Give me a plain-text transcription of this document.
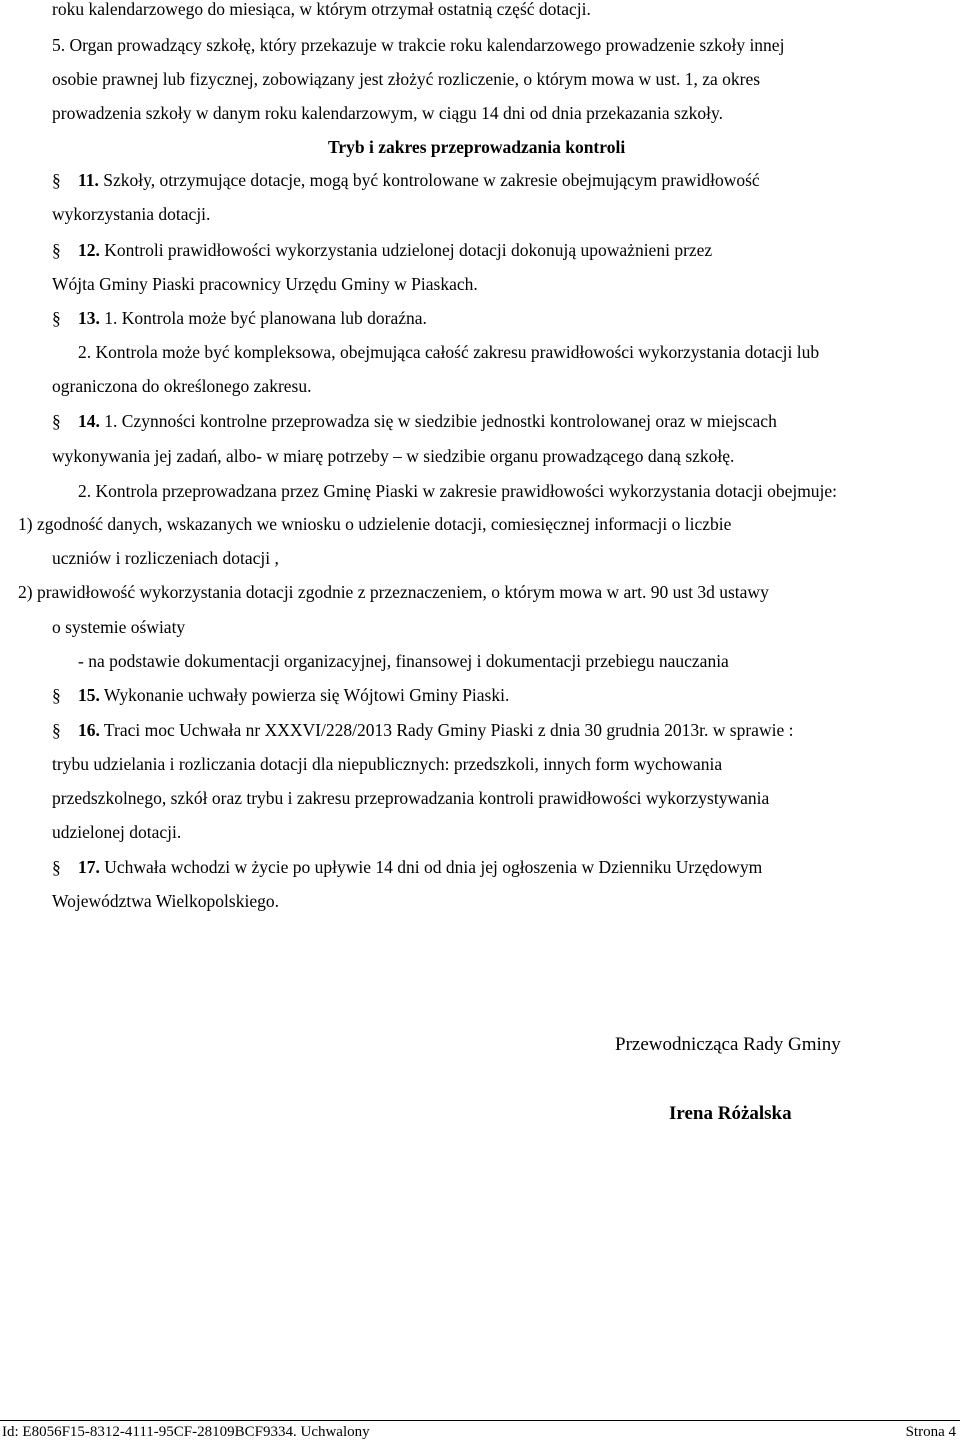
roku kalendarzowego do miesiąca, w którym otrzymał ostatnią część dotacji.
5. Organ prowadzący szkołę, który przekazuje w trakcie roku kalendarzowego prowadzenie szkoły innej
osobie prawnej lub fizycznej, zobowiązany jest złożyć rozliczenie, o którym mowa w ust. 1, za okres
prowadzenia szkoły w danym roku kalendarzowym, w ciągu 14 dni od dnia przekazania szkoły.
Tryb i zakres przeprowadzania kontroli
§ 11. Szkoły, otrzymujące dotacje, mogą być kontrolowane w zakresie obejmującym prawidłowość
wykorzystania dotacji.
§ 12. Kontroli prawidłowości wykorzystania udzielonej dotacji dokonują upoważnieni przez
Wójta Gminy Piaski pracownicy Urzędu Gminy w Piaskach.
§ 13. 1. Kontrola może być planowana lub doraźna.
2. Kontrola może być kompleksowa, obejmująca całość zakresu prawidłowości wykorzystania dotacji lub
ograniczona do określonego zakresu.
§ 14. 1. Czynności kontrolne przeprowadza się w siedzibie jednostki kontrolowanej oraz w miejscach
wykonywania jej zadań, albo- w miarę potrzeby – w siedzibie organu prowadzącego daną szkołę.
2. Kontrola przeprowadzana przez Gminę Piaski w zakresie prawidłowości wykorzystania dotacji obejmuje:
1) zgodność danych, wskazanych we wniosku o udzielenie dotacji, comiesięcznej informacji o liczbie
uczniów i rozliczeniach dotacji ,
2) prawidłowość wykorzystania dotacji zgodnie z przeznaczeniem, o którym mowa w art. 90 ust 3d ustawy
o systemie oświaty
- na podstawie dokumentacji organizacyjnej, finansowej i dokumentacji przebiegu nauczania
§ 15. Wykonanie uchwały powierza się Wójtowi Gminy Piaski.
§ 16. Traci moc Uchwała nr XXXVI/228/2013 Rady Gminy Piaski z dnia 30 grudnia 2013r. w sprawie :
trybu udzielania i rozliczania dotacji dla niepublicznych: przedszkoli, innych form wychowania
przedszkolnego, szkół oraz trybu i zakresu przeprowadzania kontroli prawidłowości wykorzystywania
udzielonej dotacji.
§ 17. Uchwała wchodzi w życie po upływie 14 dni od dnia jej ogłoszenia w Dzienniku Urzędowym
Województwa Wielkopolskiego.
Przewodnicząca Rady Gminy
Irena Różalska
Id: E8056F15-8312-4111-95CF-28109BCF9334. Uchwalony	Strona 4
